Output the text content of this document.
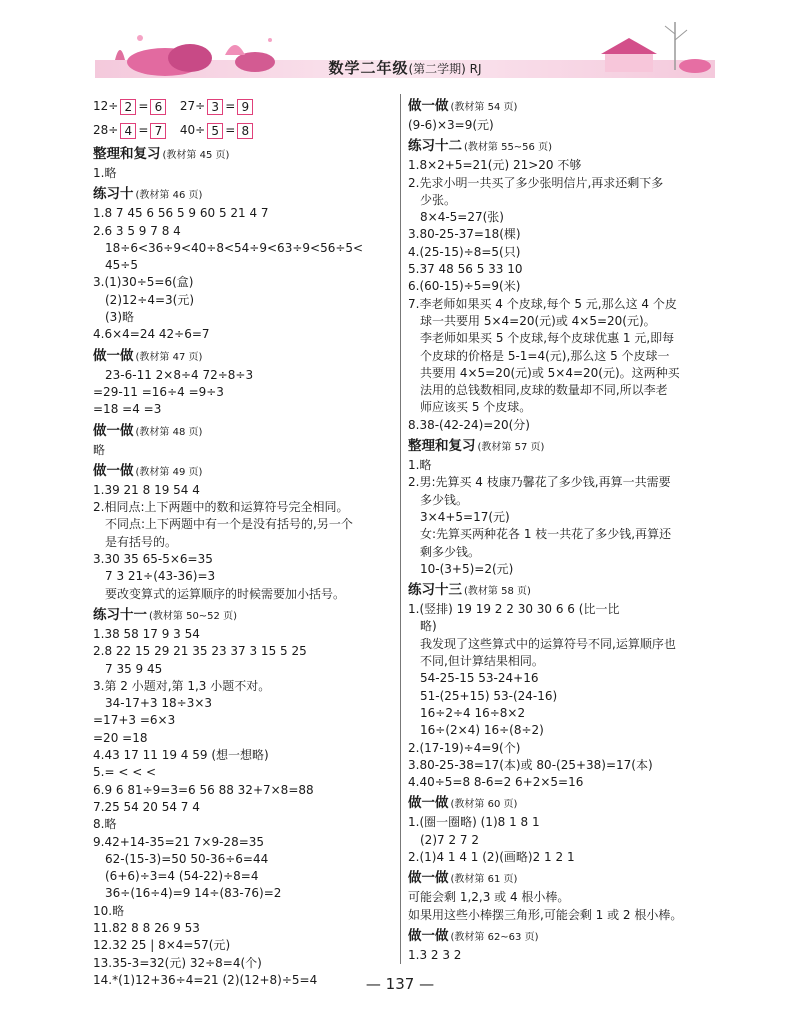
数学二年级(第二学期) RJ
12÷ 2 = 6 27÷ 3 = 9
28÷ 4 = 7 40÷ 5 = 8
整理和复习 (教材第 45 页)
1.略
练习十 (教材第 46 页)
1.8 7 45 6 56 5 9 60 5 21 4 7
2.6 3 5 9 7 8 4
18÷6<36÷9<40÷8<54÷9<63÷9<56÷5<
45÷5
3.(1)30÷5=6(盒)
(2)12÷4=3(元)
(3)略
4.6×4=24 42÷6=7
做一做 (教材第 47 页)
23-6-11 2×8÷4 72÷8÷3
=29-11 =16÷4 =9÷3
=18 =4 =3
做一做 (教材第 48 页)
略
做一做 (教材第 49 页)
1.39 21 8 19 54 4
2.相同点:上下两题中的数和运算符号完全相同。
不同点:上下两题中有一个是没有括号的,另一个
是有括号的。
3.30 35 65-5×6=35
7 3 21÷(43-36)=3
要改变算式的运算顺序的时候需要加小括号。
练习十一 (教材第 50~52 页)
1.38 58 17 9 3 54
2.8 22 15 29 21 35 23 37 3 15 5 25
7 35 9 45
3.第 2 小题对,第 1,3 小题不对。
34-17+3 18÷3×3
=17+3 =6×3
=20 =18
4.43 17 11 19 4 59 (想一想略)
5.= < < <
6.9 6 81÷9=3=6 56 88 32+7×8=88
7.25 54 20 54 7 4
8.略
9.42+14-35=21 7×9-28=35
62-(15-3)=50 50-36÷6=44
(6+6)÷3=4 (54-22)÷8=4
36÷(16÷4)=9 14÷(83-76)=2
10.略
11.82 8 8 26 9 53
12.32 25 | 8×4=57(元)
13.35-3=32(元) 32÷8=4(个)
14.*(1)12+36÷4=21 (2)(12+8)÷5=4
做一做 (教材第 54 页)
(9-6)×3=9(元)
练习十二 (教材第 55~56 页)
1.8×2+5=21(元) 21>20 不够
2.先求小明一共买了多少张明信片,再求还剩下多
少张。
8×4-5=27(张)
3.80-25-37=18(棵)
4.(25-15)÷8=5(只)
5.37 48 56 5 33 10
6.(60-15)÷5=9(米)
7.李老师如果买 4 个皮球,每个 5 元,那么这 4 个皮
球一共要用 5×4=20(元)或 4×5=20(元)。
李老师如果买 5 个皮球,每个皮球优惠 1 元,即每
个皮球的价格是 5-1=4(元),那么这 5 个皮球一
共要用 4×5=20(元)或 5×4=20(元)。这两种买
法用的总钱数相同,皮球的数量却不同,所以李老
师应该买 5 个皮球。
8.38-(42-24)=20(分)
整理和复习 (教材第 57 页)
1.略
2.男:先算买 4 枝康乃馨花了多少钱,再算一共需要
多少钱。
3×4+5=17(元)
女:先算买两种花各 1 枝一共花了多少钱,再算还
剩多少钱。
10-(3+5)=2(元)
练习十三 (教材第 58 页)
1.(竖排) 19 19 2 2 30 30 6 6 (比一比
略)
我发现了这些算式中的运算符号不同,运算顺序也
不同,但计算结果相同。
54-25-15 53-24+16
51-(25+15) 53-(24-16)
16÷2÷4 16÷8×2
16÷(2×4) 16÷(8÷2)
2.(17-19)÷4=9(个)
3.80-25-38=17(本)或 80-(25+38)=17(本)
4.40÷5=8 8-6=2 6+2×5=16
做一做 (教材第 60 页)
1.(圈一圈略) (1)8 1 8 1
(2)7 2 7 2
2.(1)4 1 4 1 (2)(画略)2 1 2 1
做一做 (教材第 61 页)
可能会剩 1,2,3 或 4 根小棒。
如果用这些小棒摆三角形,可能会剩 1 或 2 根小棒。
做一做 (教材第 62~63 页)
1.3 2 3 2
— 137 —
